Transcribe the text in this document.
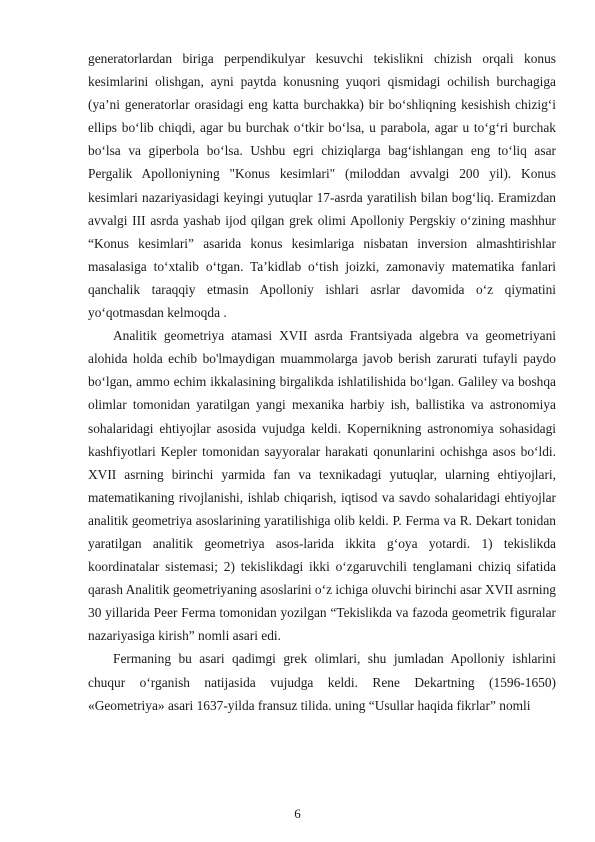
generatorlardan biriga perpendikulyar kesuvchi tekislikni chizish orqali konus kesimlarini olishgan, ayni paytda konusning yuqori qismidagi ochilish burchagiga (ya’ni generatorlar orasidagi eng katta burchakka) bir bo‘shliqning kesishish chizig‘i ellips bo‘lib chiqdi, agar bu burchak o‘tkir bo‘lsa, u parabola, agar u to‘g‘ri burchak bo‘lsa va giperbola bo‘lsa. Ushbu egri chiziqlarga bag‘ishlangan eng to‘liq asar Pergalik Apolloniyning "Konus kesimlari" (miloddan avvalgi 200 yil). Konus kesimlari nazariyasidagi keyingi yutuqlar 17-asrda yaratilish bilan bog‘liq. Eramizdan avvalgi III asrda yashab ijod qilgan grek olimi Apolloniy Pergskiy o‘zining mashhur “Konus kesimlari” asarida konus kesimlariga nisbatan inversion almashtirishlar masalasiga to‘xtalib o‘tgan. Ta’kidlab o‘tish joizki, zamonaviy matematika fanlari qanchalik taraqqiy etmasin Apolloniy ishlari asrlar davomida o‘z qiymatini yo‘qotmasdan kelmoqda .

Analitik geometriya atamasi XVII asrda Frantsiyada algebra va geometriyani alohida holda echib bo'lmaydigan muammolarga javob berish zarurati tufayli paydo bo‘lgan, ammo echim ikkalasining birgalikda ishlatilishida bo‘lgan. Galiley va boshqa olimlar tomonidan yaratilgan yangi mexanika harbiy ish, ballistika va astronomiya sohalaridagi ehtiyojlar asosida vujudga keldi. Kopernikning astronomiya sohasidagi kashfiyotlari Kepler tomonidan sayyoralar harakati qonunlarini ochishga asos bo‘ldi. XVII asrning birinchi yarmida fan va texnikadagi yutuqlar, ularning ehtiyojlari, matematikaning rivojlanishi, ishlab chiqarish, iqtisod va savdo sohalaridagi ehtiyojlar analitik geometriya asoslarining yaratilishiga olib keldi. P. Ferma va R. Dekart tonidan yaratilgan analitik geometriya asos-larida ikkita g‘oya yotardi. 1) tekislikda koordinatalar sistemasi; 2) tekislikdagi ikki o‘zgaruvchili tenglamani chiziq sifatida qarash Analitik geometriyaning asoslarini o‘z ichiga oluvchi birinchi asar XVII asrning 30 yillarida Peer Ferma tomonidan yozilgan “Tekislikda va fazoda geometrik figuralar nazariyasiga kirish” nomli asari edi.

Fermaning bu asari qadimgi grek olimlari, shu jumladan Apolloniy ishlarini chuqur o‘rganish natijasida vujudga keldi. Rene Dekartning (1596-1650) «Geometriya» asari 1637-yilda fransuz tilida. uning “Usullar haqida fikrlar” nomli

6
